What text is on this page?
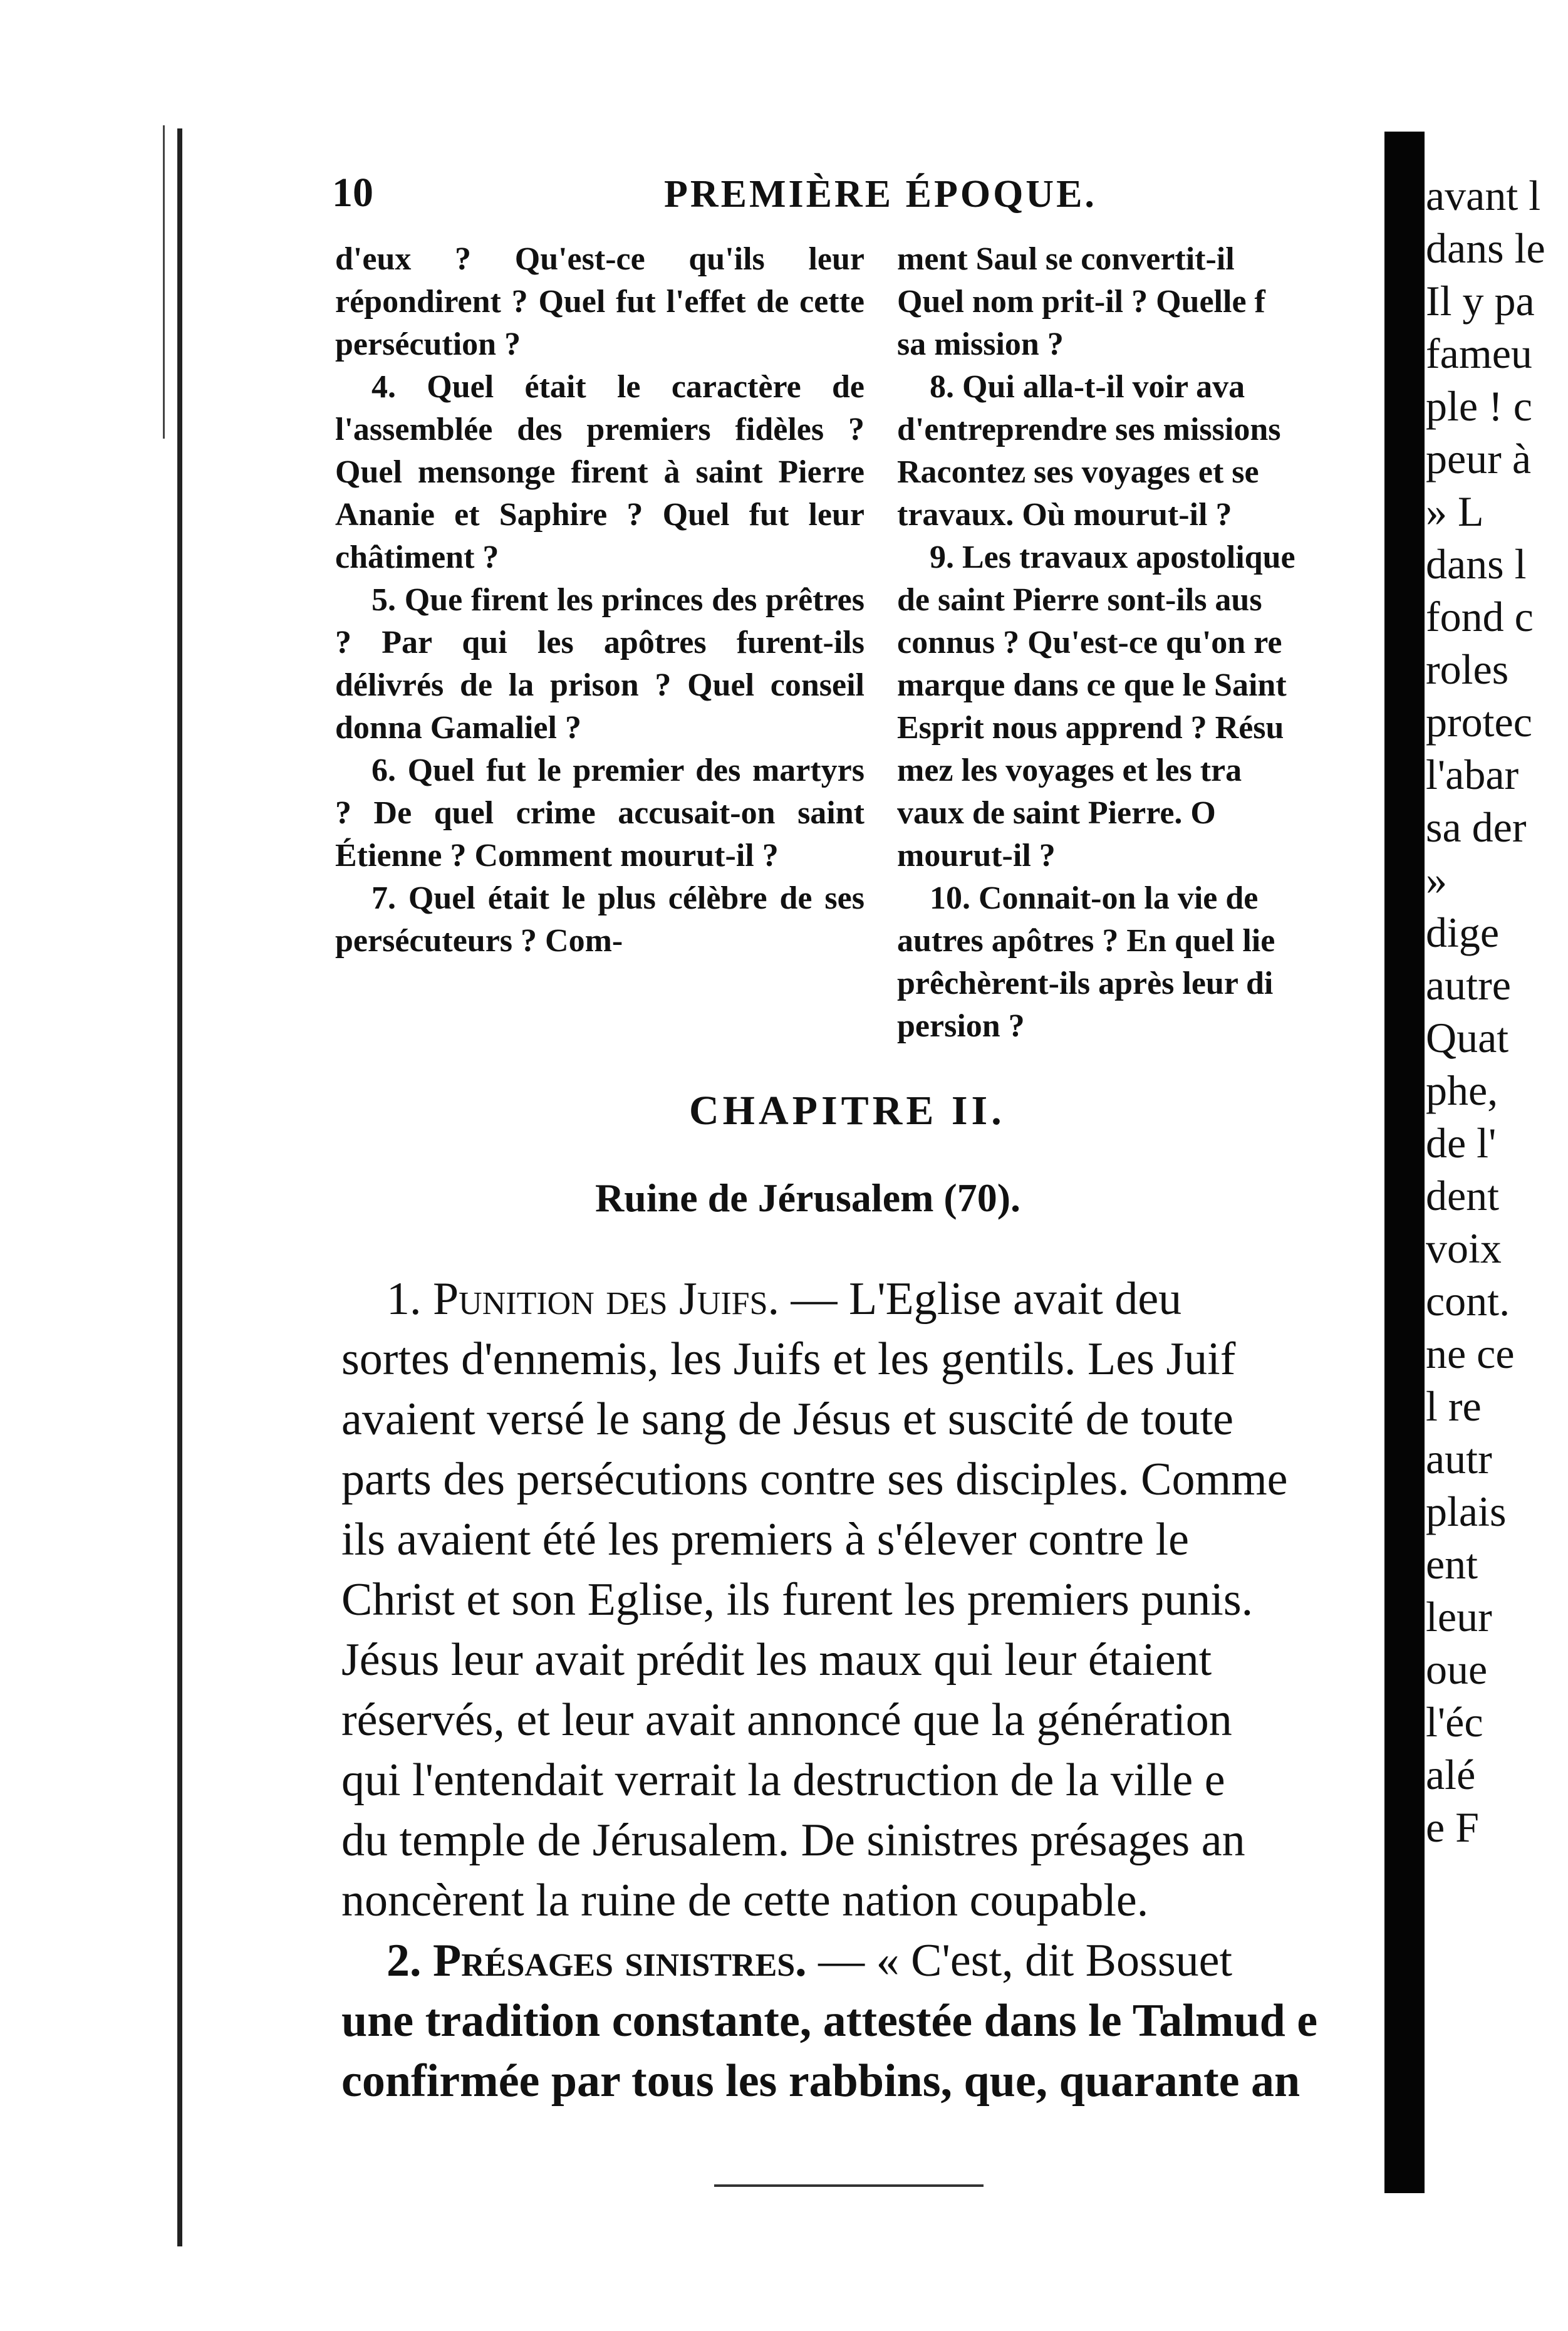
10	PREMIÈRE ÉPOQUE.

d'eux ? Qu'est-ce qu'ils leur répondirent ? Quel fut l'effet de cette persécution ?

4. Quel était le caractère de l'assemblée des premiers fidèles ? Quel mensonge firent à saint Pierre Ananie et Saphire ? Quel fut leur châtiment ?

5. Que firent les princes des prêtres ? Par qui les apôtres furent-ils délivrés de la prison ? Quel conseil donna Gamaliel ?

6. Quel fut le premier des martyrs ? De quel crime accusait-on saint Étienne ? Comment mourut-il ?

7. Quel était le plus célèbre de ses persécuteurs ? Com-

ment Saul se convertit-il
Quel nom prit-il ? Quelle f
sa mission ?
8. Qui alla-t-il voir ava
d'entreprendre ses missions
Racontez ses voyages et se
travaux. Où mourut-il ?
9. Les travaux apostolique
de saint Pierre sont-ils aus
connus ? Qu'est-ce qu'on re
marque dans ce que le Saint
Esprit nous apprend ? Résu
mez les voyages et les tra
vaux de saint Pierre. O
mourut-il ?
10. Connait-on la vie de
autres apôtres ? En quel lie
prêchèrent-ils après leur di
persion ?
CHAPITRE II.
Ruine de Jérusalem (70).
1. Punition des Juifs. — L'Eglise avait deu
sortes d'ennemis, les Juifs et les gentils. Les Juif
avaient versé le sang de Jésus et suscité de toute
parts des persécutions contre ses disciples. Comme
ils avaient été les premiers à s'élever contre le
Christ et son Eglise, ils furent les premiers punis.
Jésus leur avait prédit les maux qui leur étaient
réservés, et leur avait annoncé que la génération
qui l'entendait verrait la destruction de la ville e
du temple de Jérusalem. De sinistres présages an
noncèrent la ruine de cette nation coupable.
2. Présages sinistres. — « C'est, dit Bossuet
une tradition constante, attestée dans le Talmud e
confirmée par tous les rabbins, que, quarante an
avant l
dans le
Il y pa
fameu
ple ! c
peur à
» L
dans l
fond c
roles
protec
l'abar
sa der
»
dige
autre
Quat
phe,
de l'
dent
voix
cont.
ne ce
l re
autr
plais
ent
leur
oue
l'éc
alé
e F
